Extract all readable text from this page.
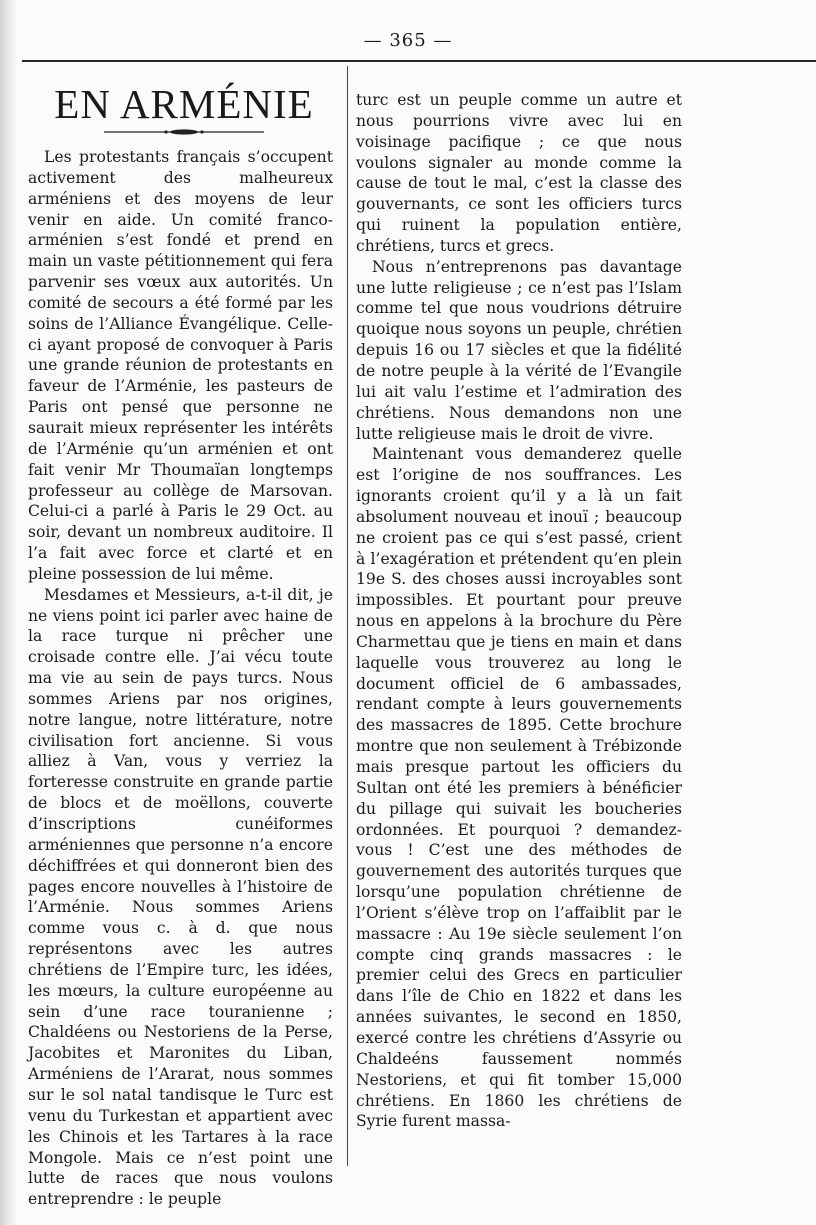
— 365 —
EN ARMÉNIE

Les protestants français s’occupent activement des malheureux arméniens et des moyens de leur venir en aide. Un comité franco-arménien s’est fondé et prend en main un vaste pétitionnement qui fera parvenir ses vœux aux autorités. Un comité de secours a été formé par les soins de l’Alliance Évangélique. Celle-ci ayant proposé de convoquer à Paris une grande réunion de protestants en faveur de l’Arménie, les pasteurs de Paris ont pensé que personne ne saurait mieux représenter les intérêts de l’Arménie qu’un arménien et ont fait venir Mr Thoumaïan longtemps professeur au collège de Marsovan. Celui-ci a parlé à Paris le 29 Oct. au soir, devant un nombreux auditoire. Il l’a fait avec force et clarté et en pleine possession de lui même.

Mesdames et Messieurs, a-t-il dit, je ne viens point ici parler avec haine de la race turque ni prêcher une croisade contre elle. J’ai vécu toute ma vie au sein de pays turcs. Nous sommes Ariens par nos origines, notre langue, notre littérature, notre civilisation fort ancienne. Si vous alliez à Van, vous y verriez la forteresse construite en grande partie de blocs et de moëllons, couverte d’inscriptions cunéiformes arméniennes que personne n’a encore déchiffrées et qui donneront bien des pages encore nouvelles à l’histoire de l’Arménie. Nous sommes Ariens comme vous c. à d. que nous représentons avec les autres chrétiens de l’Empire turc, les idées, les mœurs, la culture européenne au sein d’une race touranienne ; Chaldéens ou Nestoriens de la Perse, Jacobites et Maronites du Liban, Arméniens de l’Ararat, nous sommes sur le sol natal tandisque le Turc est venu du Turkestan et appartient avec les Chinois et les Tartares à la race Mongole. Mais ce n’est point une lutte de races que nous voulons entreprendre : le peuple

turc est un peuple comme un autre et nous pourrions vivre avec lui en voisinage pacifique ; ce que nous voulons signaler au monde comme la cause de tout le mal, c’est la classe des gouvernants, ce sont les officiers turcs qui ruinent la population entière, chrétiens, turcs et grecs.

Nous n’entreprenons pas davantage une lutte religieuse ; ce n’est pas l’Islam comme tel que nous voudrions détruire quoique nous soyons un peuple, chrétien depuis 16 ou 17 siècles et que la fidélité de notre peuple à la vérité de l’Evangile lui ait valu l’estime et l’admiration des chrétiens. Nous demandons non une lutte religieuse mais le droit de vivre.

Maintenant vous demanderez quelle est l’origine de nos souffrances. Les ignorants croient qu’il y a là un fait absolument nouveau et inouï ; beaucoup ne croient pas ce qui s’est passé, crient à l’exagération et prétendent qu’en plein 19e S. des choses aussi incroyables sont impossibles. Et pourtant pour preuve nous en appelons à la brochure du Père Charmettau que je tiens en main et dans laquelle vous trouverez au long le document officiel de 6 ambassades, rendant compte à leurs gouvernements des massacres de 1895. Cette brochure montre que non seulement à Trébizonde mais presque partout les officiers du Sultan ont été les premiers à bénéficier du pillage qui suivait les boucheries ordonnées. Et pourquoi ? demandez-vous ! C’est une des méthodes de gouvernement des autorités turques que lorsqu’une population chrétienne de l’Orient s’élève trop on l’affaiblit par le massacre : Au 19e siècle seulement l’on compte cinq grands massacres : le premier celui des Grecs en particulier dans l’île de Chio en 1822 et dans les années suivantes, le second en 1850, exercé contre les chrétiens d’Assyrie ou Chaldeéns faussement nommés Nestoriens, et qui fit tomber 15,000 chrétiens. En 1860 les chrétiens de Syrie furent massa-
